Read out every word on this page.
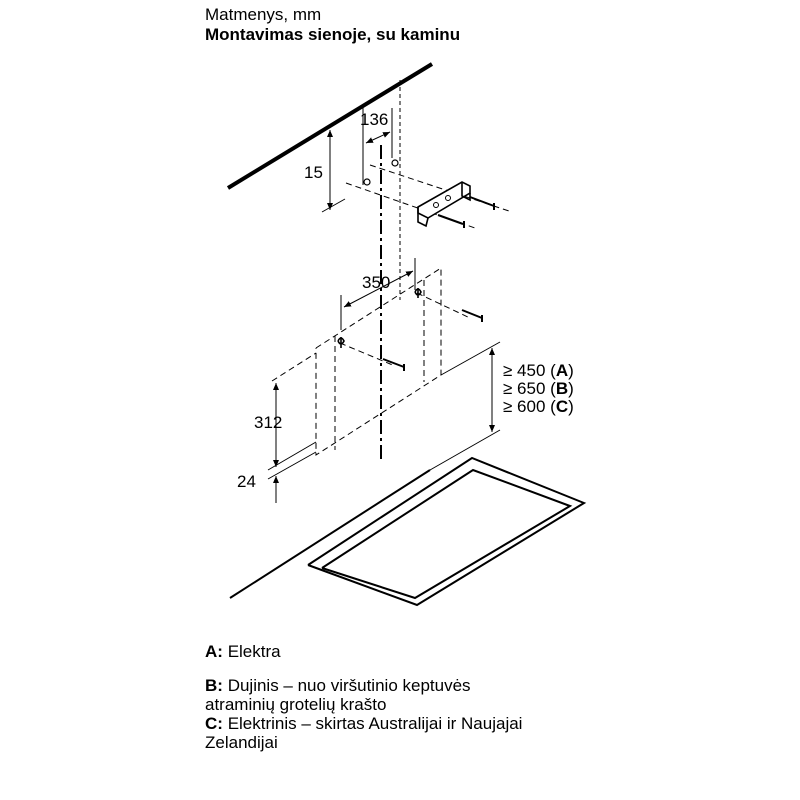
Matmenys, mm
Montavimas sienoje, su kaminu
136
15
350
≥ 450 (A)
≥ 650 (B)
≥ 600 (C)
312
24
A: Elektra
B: Dujinis – nuo viršutinio keptuvės
atraminių grotelių krašto
C: Elektrinis – skirtas Australijai ir Naujajai
Zelandijai
